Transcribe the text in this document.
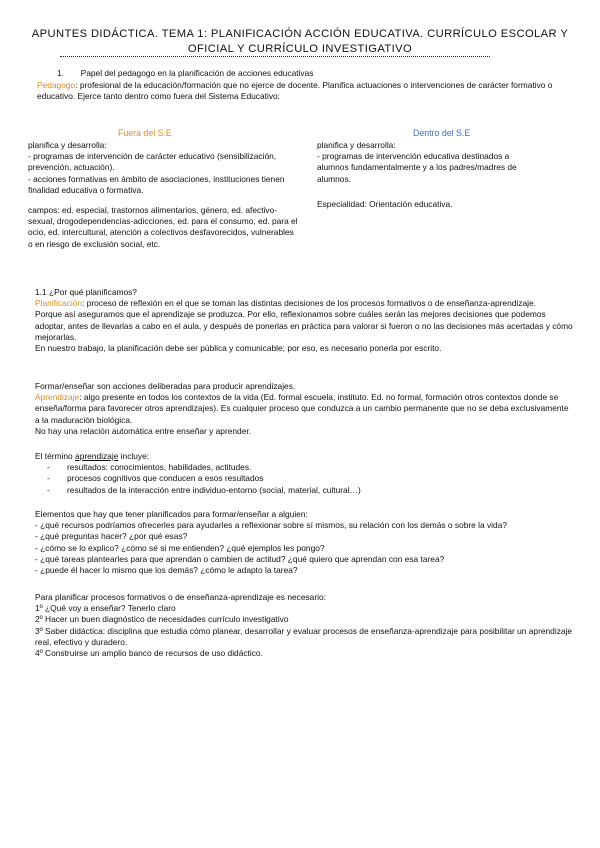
APUNTES DIDÁCTICA. TEMA 1: PLANIFICACIÓN ACCIÓN EDUCATIVA. CURRÍCULO ESCOLAR Y OFICIAL Y CURRÍCULO INVESTIGATIVO
1. Papel del pedagogo en la planificación de acciones educativas
Pedagogo: profesional de la educación/formación que no ejerce de docente. Planifica actuaciones o intervenciones de carácter formativo o educativo. Ejerce tanto dentro como fuera del Sistema Educativo:
Fuera del S.E	Dentro del S.E

planifica y desarrolla:

- programas de intervención de carácter educativo (sensibilización, prevención, actuación).

- acciones formativas en ámbito de asociaciones, instituciones tienen finalidad educativa o formativa.

campos: ed. especial, trastornos alimentarios, género, ed. afectivo-sexual, drogodependencias-adicciones, ed. para el consumo, ed. para el ocio, ed. intercultural, atención a colectivos desfavorecidos, vulnerables o en riesgo de exclusión social, etc.

planifica y desarrolla:

- programas de intervención educativa destinados a alumnos fundamentalmente y a los padres/madres de alumnos.

Especialidad: Orientación educativa.

1.1 ¿Por qué planificamos?

Planificación: proceso de reflexión en el que se toman las distintas decisiones de los procesos formativos o de enseñanza-aprendizaje.

Porque así aseguramos que el aprendizaje se produzca. Por ello, reflexionamos sobre cuáles serán las mejores decisiones que podemos adoptar, antes de llevarlas a cabo en el aula, y después de ponerlas en práctica para valorar si fueron o no las decisiones más acertadas y cómo mejorarlas.

En nuestro trabajo, la planificación debe ser pública y comunicable; por eso, es necesario ponerla por escrito.

Formar/enseñar son acciones deliberadas para producir aprendizajes.

Aprendizaje: algo presente en todos los contextos de la vida (Ed. formal escuela, instituto. Ed. no formal, formación otros contextos donde se enseña/forma para favorecer otros aprendizajes). Es cualquier proceso que conduzca a un cambio permanente que no se deba exclusivamente a la maduración biológica.

No hay una relación automática entre enseñar y aprender.

El término aprendizaje incluye:

- resultados: conocimientos, habilidades, actitudes.
- procesos cognitivos que conducen a esos resultados
- resultados de la interacción entre individuo-entorno (social, material, cultural…)

Elementos que hay que tener planificados para formar/enseñar a alguien:

- ¿qué recursos podríamos ofrecerles para ayudarles a reflexionar sobre sí mismos, su relación con los demás o sobre la vida?

- ¿qué preguntas hacer? ¿por qué esas?

- ¿cómo se lo explico? ¿cómo sé si me entienden? ¿qué ejemplos les pongo?

- ¿qué tareas plantearles para que aprendan o cambien de actitud? ¿qué quiero que aprendan con esa tarea?

- ¿puede él hacer lo mismo que los demás? ¿cómo le adapto la tarea?

Para planificar procesos formativos o de enseñanza-aprendizaje es necesario:

1º ¿Qué voy a enseñar? Tenerlo claro

2º Hacer un buen diagnóstico de necesidades currículo investigativo

3º Saber didáctica: disciplina que estudia cómo planear, desarrollar y evaluar procesos de enseñanza-aprendizaje para posibilitar un aprendizaje real, efectivo y duradero.

4º Construirse un amplio banco de recursos de uso didáctico.
